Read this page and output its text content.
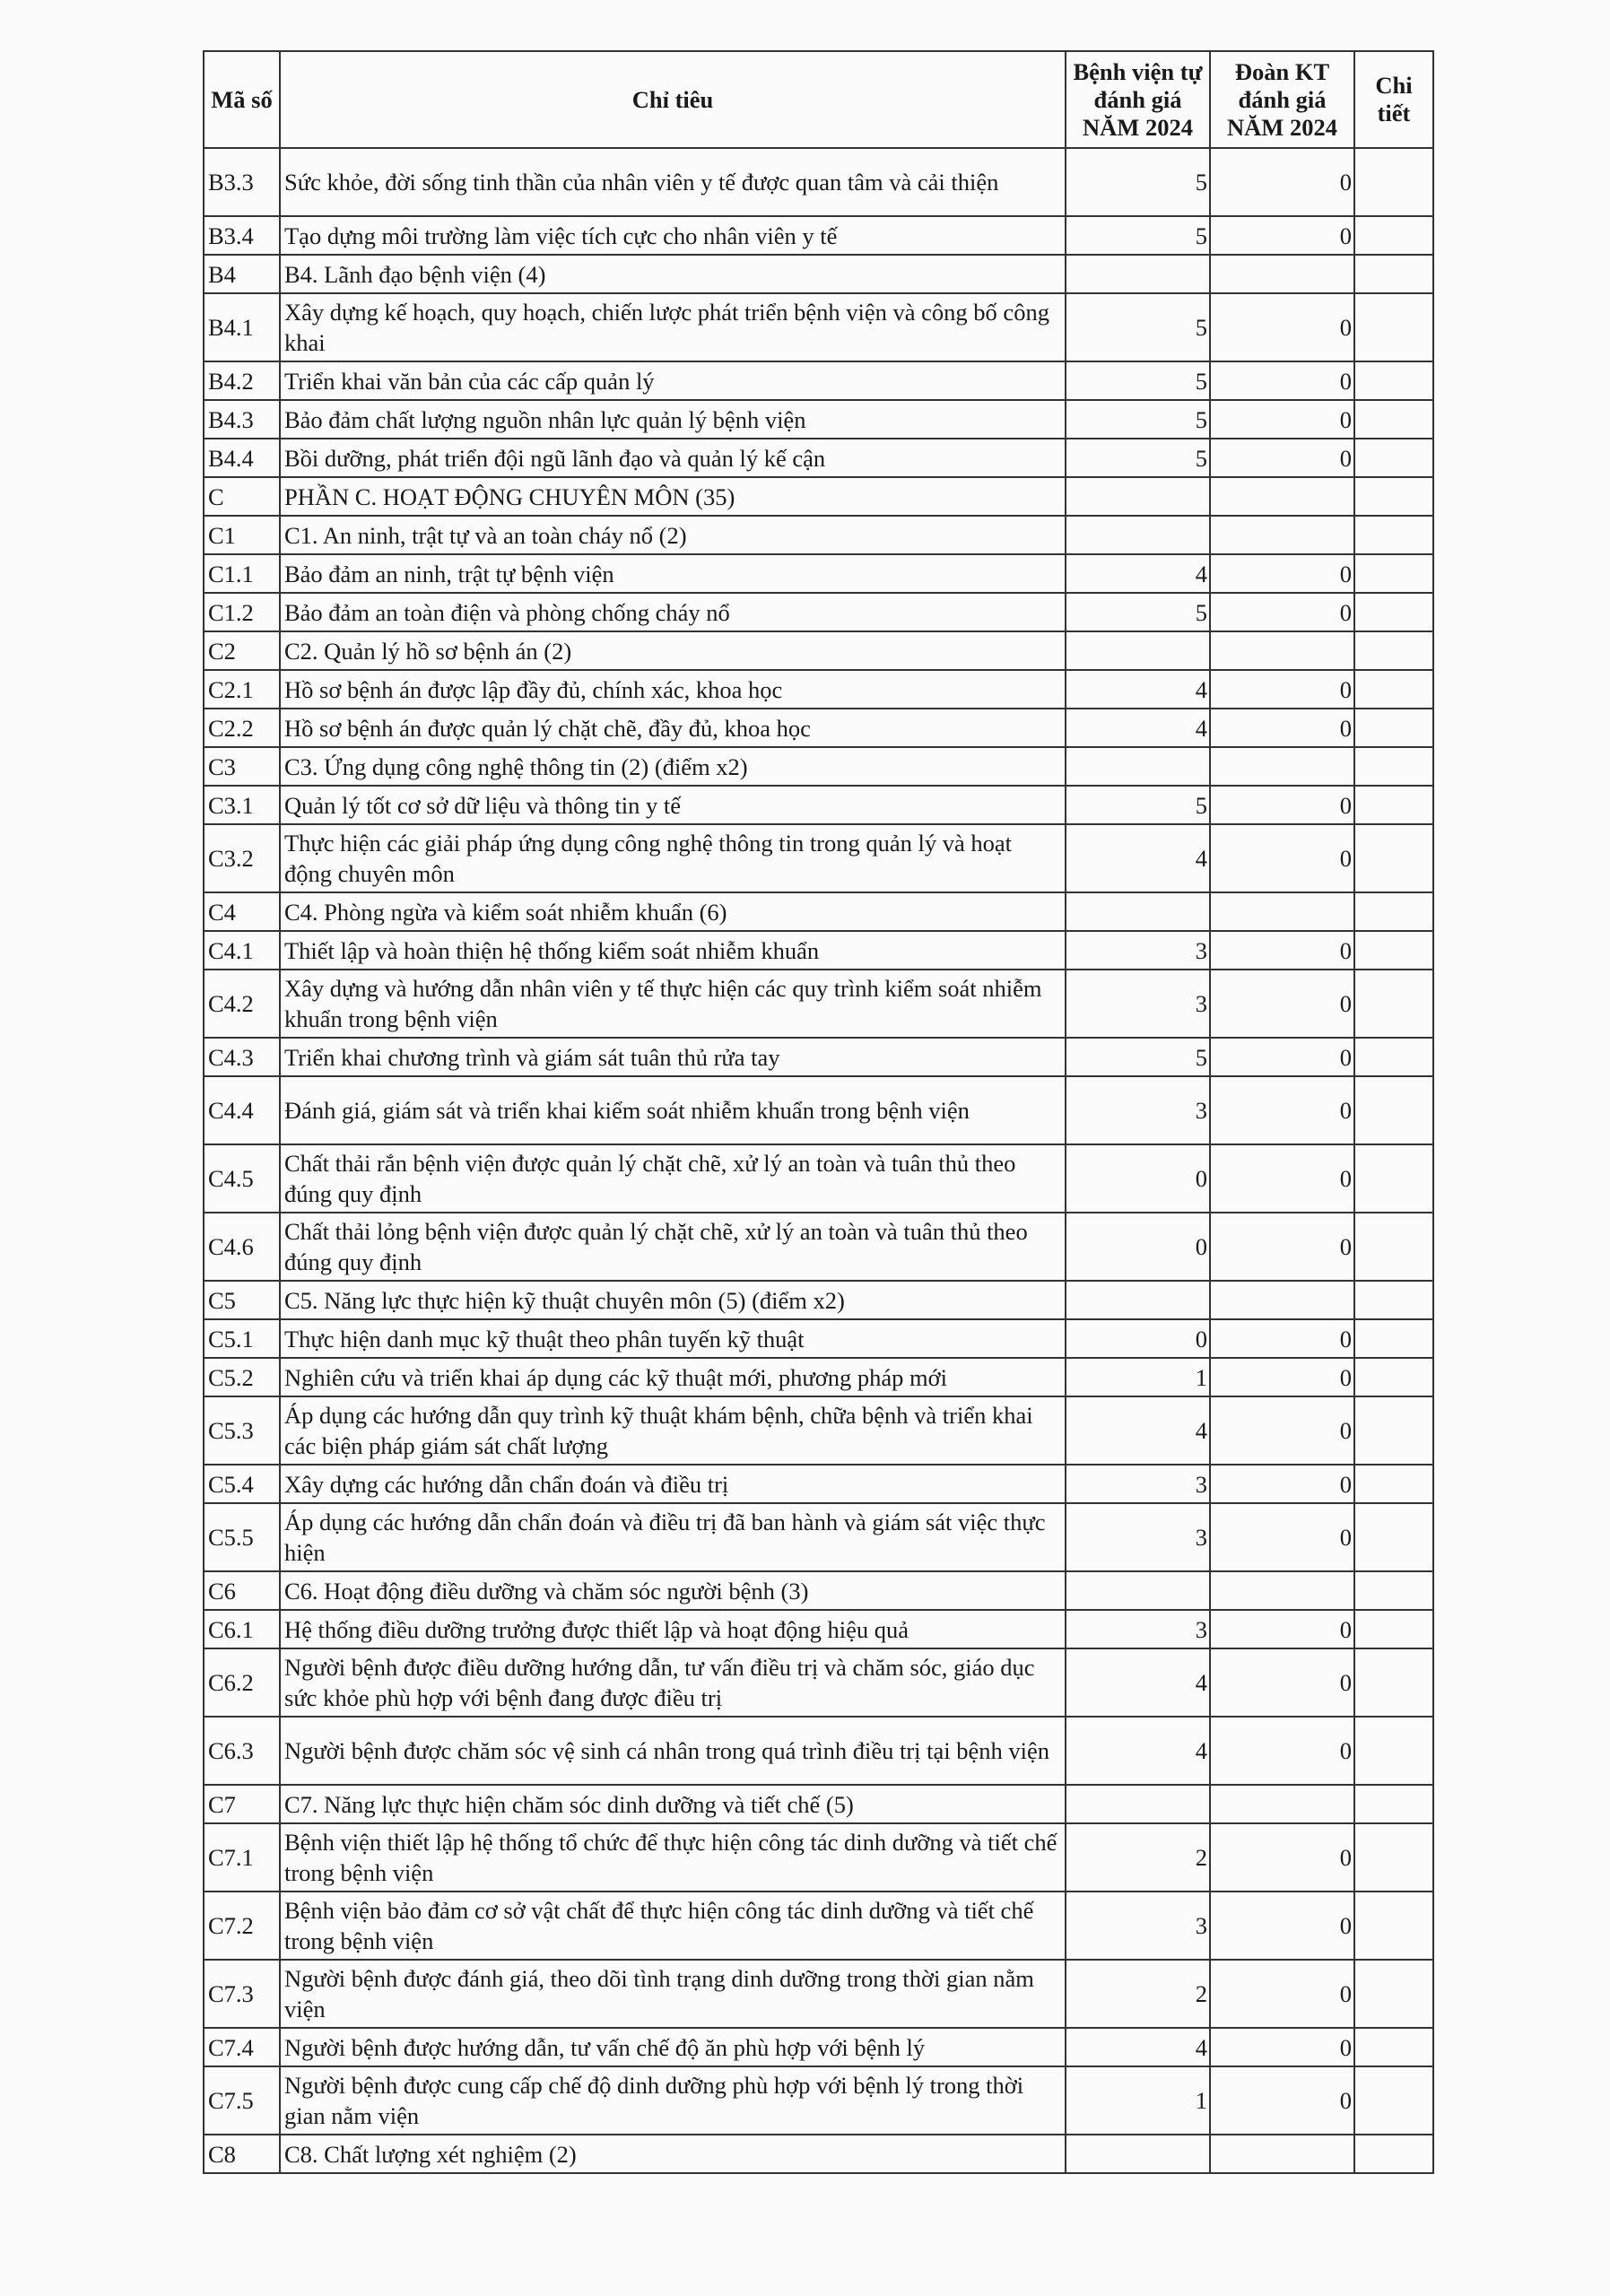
Mã số	Chỉ tiêu	Bệnh viện tự đánh giá NĂM 2024	Đoàn KT đánh giá NĂM 2024	Chi tiết
B3.3	Sức khỏe, đời sống tinh thần của nhân viên y tế được quan tâm và cải thiện	5	0	
B3.4	Tạo dựng môi trường làm việc tích cực cho nhân viên y tế	5	0	
B4	B4. Lãnh đạo bệnh viện (4)			
B4.1	Xây dựng kế hoạch, quy hoạch, chiến lược phát triển bệnh viện và công bố công khai	5	0	
B4.2	Triển khai văn bản của các cấp quản lý	5	0	
B4.3	Bảo đảm chất lượng nguồn nhân lực quản lý bệnh viện	5	0	
B4.4	Bồi dưỡng, phát triển đội ngũ lãnh đạo và quản lý kế cận	5	0	
C	PHẦN C. HOẠT ĐỘNG CHUYÊN MÔN (35)			
C1	C1. An ninh, trật tự và an toàn cháy nổ (2)			
C1.1	Bảo đảm an ninh, trật tự bệnh viện	4	0	
C1.2	Bảo đảm an toàn điện và phòng chống cháy nổ	5	0	
C2	C2. Quản lý hồ sơ bệnh án (2)			
C2.1	Hồ sơ bệnh án được lập đầy đủ, chính xác, khoa học	4	0	
C2.2	Hồ sơ bệnh án được quản lý chặt chẽ, đầy đủ, khoa học	4	0	
C3	C3. Ứng dụng công nghệ thông tin (2) (điểm x2)			
C3.1	Quản lý tốt cơ sở dữ liệu và thông tin y tế	5	0	
C3.2	Thực hiện các giải pháp ứng dụng công nghệ thông tin trong quản lý và hoạt động chuyên môn	4	0	
C4	C4. Phòng ngừa và kiểm soát nhiễm khuẩn (6)			
C4.1	Thiết lập và hoàn thiện hệ thống kiểm soát nhiễm khuẩn	3	0	
C4.2	Xây dựng và hướng dẫn nhân viên y tế thực hiện các quy trình kiểm soát nhiễm khuẩn trong bệnh viện	3	0	
C4.3	Triển khai chương trình và giám sát tuân thủ rửa tay	5	0	
C4.4	Đánh giá, giám sát và triển khai kiểm soát nhiễm khuẩn trong bệnh viện	3	0	
C4.5	Chất thải rắn bệnh viện được quản lý chặt chẽ, xử lý an toàn và tuân thủ theo đúng quy định	0	0	
C4.6	Chất thải lỏng bệnh viện được quản lý chặt chẽ, xử lý an toàn và tuân thủ theo đúng quy định	0	0	
C5	C5. Năng lực thực hiện kỹ thuật chuyên môn (5) (điểm x2)			
C5.1	Thực hiện danh mục kỹ thuật theo phân tuyến kỹ thuật	0	0	
C5.2	Nghiên cứu và triển khai áp dụng các kỹ thuật mới, phương pháp mới	1	0	
C5.3	Áp dụng các hướng dẫn quy trình kỹ thuật khám bệnh, chữa bệnh và triển khai các biện pháp giám sát chất lượng	4	0	
C5.4	Xây dựng các hướng dẫn chẩn đoán và điều trị	3	0	
C5.5	Áp dụng các hướng dẫn chẩn đoán và điều trị đã ban hành và giám sát việc thực hiện	3	0	
C6	C6. Hoạt động điều dưỡng và chăm sóc người bệnh (3)			
C6.1	Hệ thống điều dưỡng trưởng được thiết lập và hoạt động hiệu quả	3	0	
C6.2	Người bệnh được điều dưỡng hướng dẫn, tư vấn điều trị và chăm sóc, giáo dục sức khỏe phù hợp với bệnh đang được điều trị	4	0	
C6.3	Người bệnh được chăm sóc vệ sinh cá nhân trong quá trình điều trị tại bệnh viện	4	0	
C7	C7. Năng lực thực hiện chăm sóc dinh dưỡng và tiết chế (5)			
C7.1	Bệnh viện thiết lập hệ thống tổ chức để thực hiện công tác dinh dưỡng và tiết chế trong bệnh viện	2	0	
C7.2	Bệnh viện bảo đảm cơ sở vật chất để thực hiện công tác dinh dưỡng và tiết chế trong bệnh viện	3	0	
C7.3	Người bệnh được đánh giá, theo dõi tình trạng dinh dưỡng trong thời gian nằm viện	2	0	
C7.4	Người bệnh được hướng dẫn, tư vấn chế độ ăn phù hợp với bệnh lý	4	0	
C7.5	Người bệnh được cung cấp chế độ dinh dưỡng phù hợp với bệnh lý trong thời gian nằm viện	1	0	
C8	C8. Chất lượng xét nghiệm (2)			
